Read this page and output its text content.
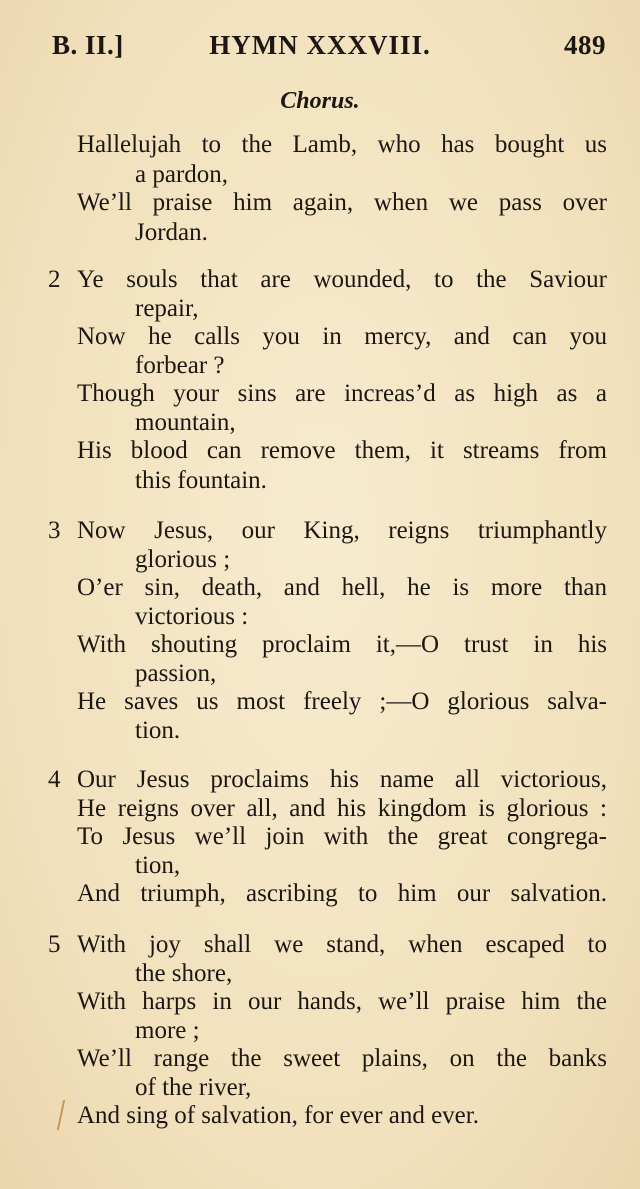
B. II.]	HYMN XXXVIII.	489
Chorus.
Hallelujah to the Lamb, who has bought us
a pardon,
We’ll praise him again, when we pass over
Jordan.
2 Ye souls that are wounded, to the Saviour
repair,
Now he calls you in mercy, and can you
forbear ?
Though your sins are increas’d as high as a
mountain,
His blood can remove them, it streams from
this fountain.
3 Now Jesus, our King, reigns triumphantly
glorious ;
O’er sin, death, and hell, he is more than
victorious :
With shouting proclaim it,—O trust in his
passion,
He saves us most freely ;—O glorious salva-
tion.
4 Our Jesus proclaims his name all victorious,
He reigns over all, and his kingdom is glorious :
To Jesus we’ll join with the great congrega-
tion,
And triumph, ascribing to him our salvation.
5 With joy shall we stand, when escaped to
the shore,
With harps in our hands, we’ll praise him the
more ;
We’ll range the sweet plains, on the banks
of the river,
And sing of salvation, for ever and ever.
